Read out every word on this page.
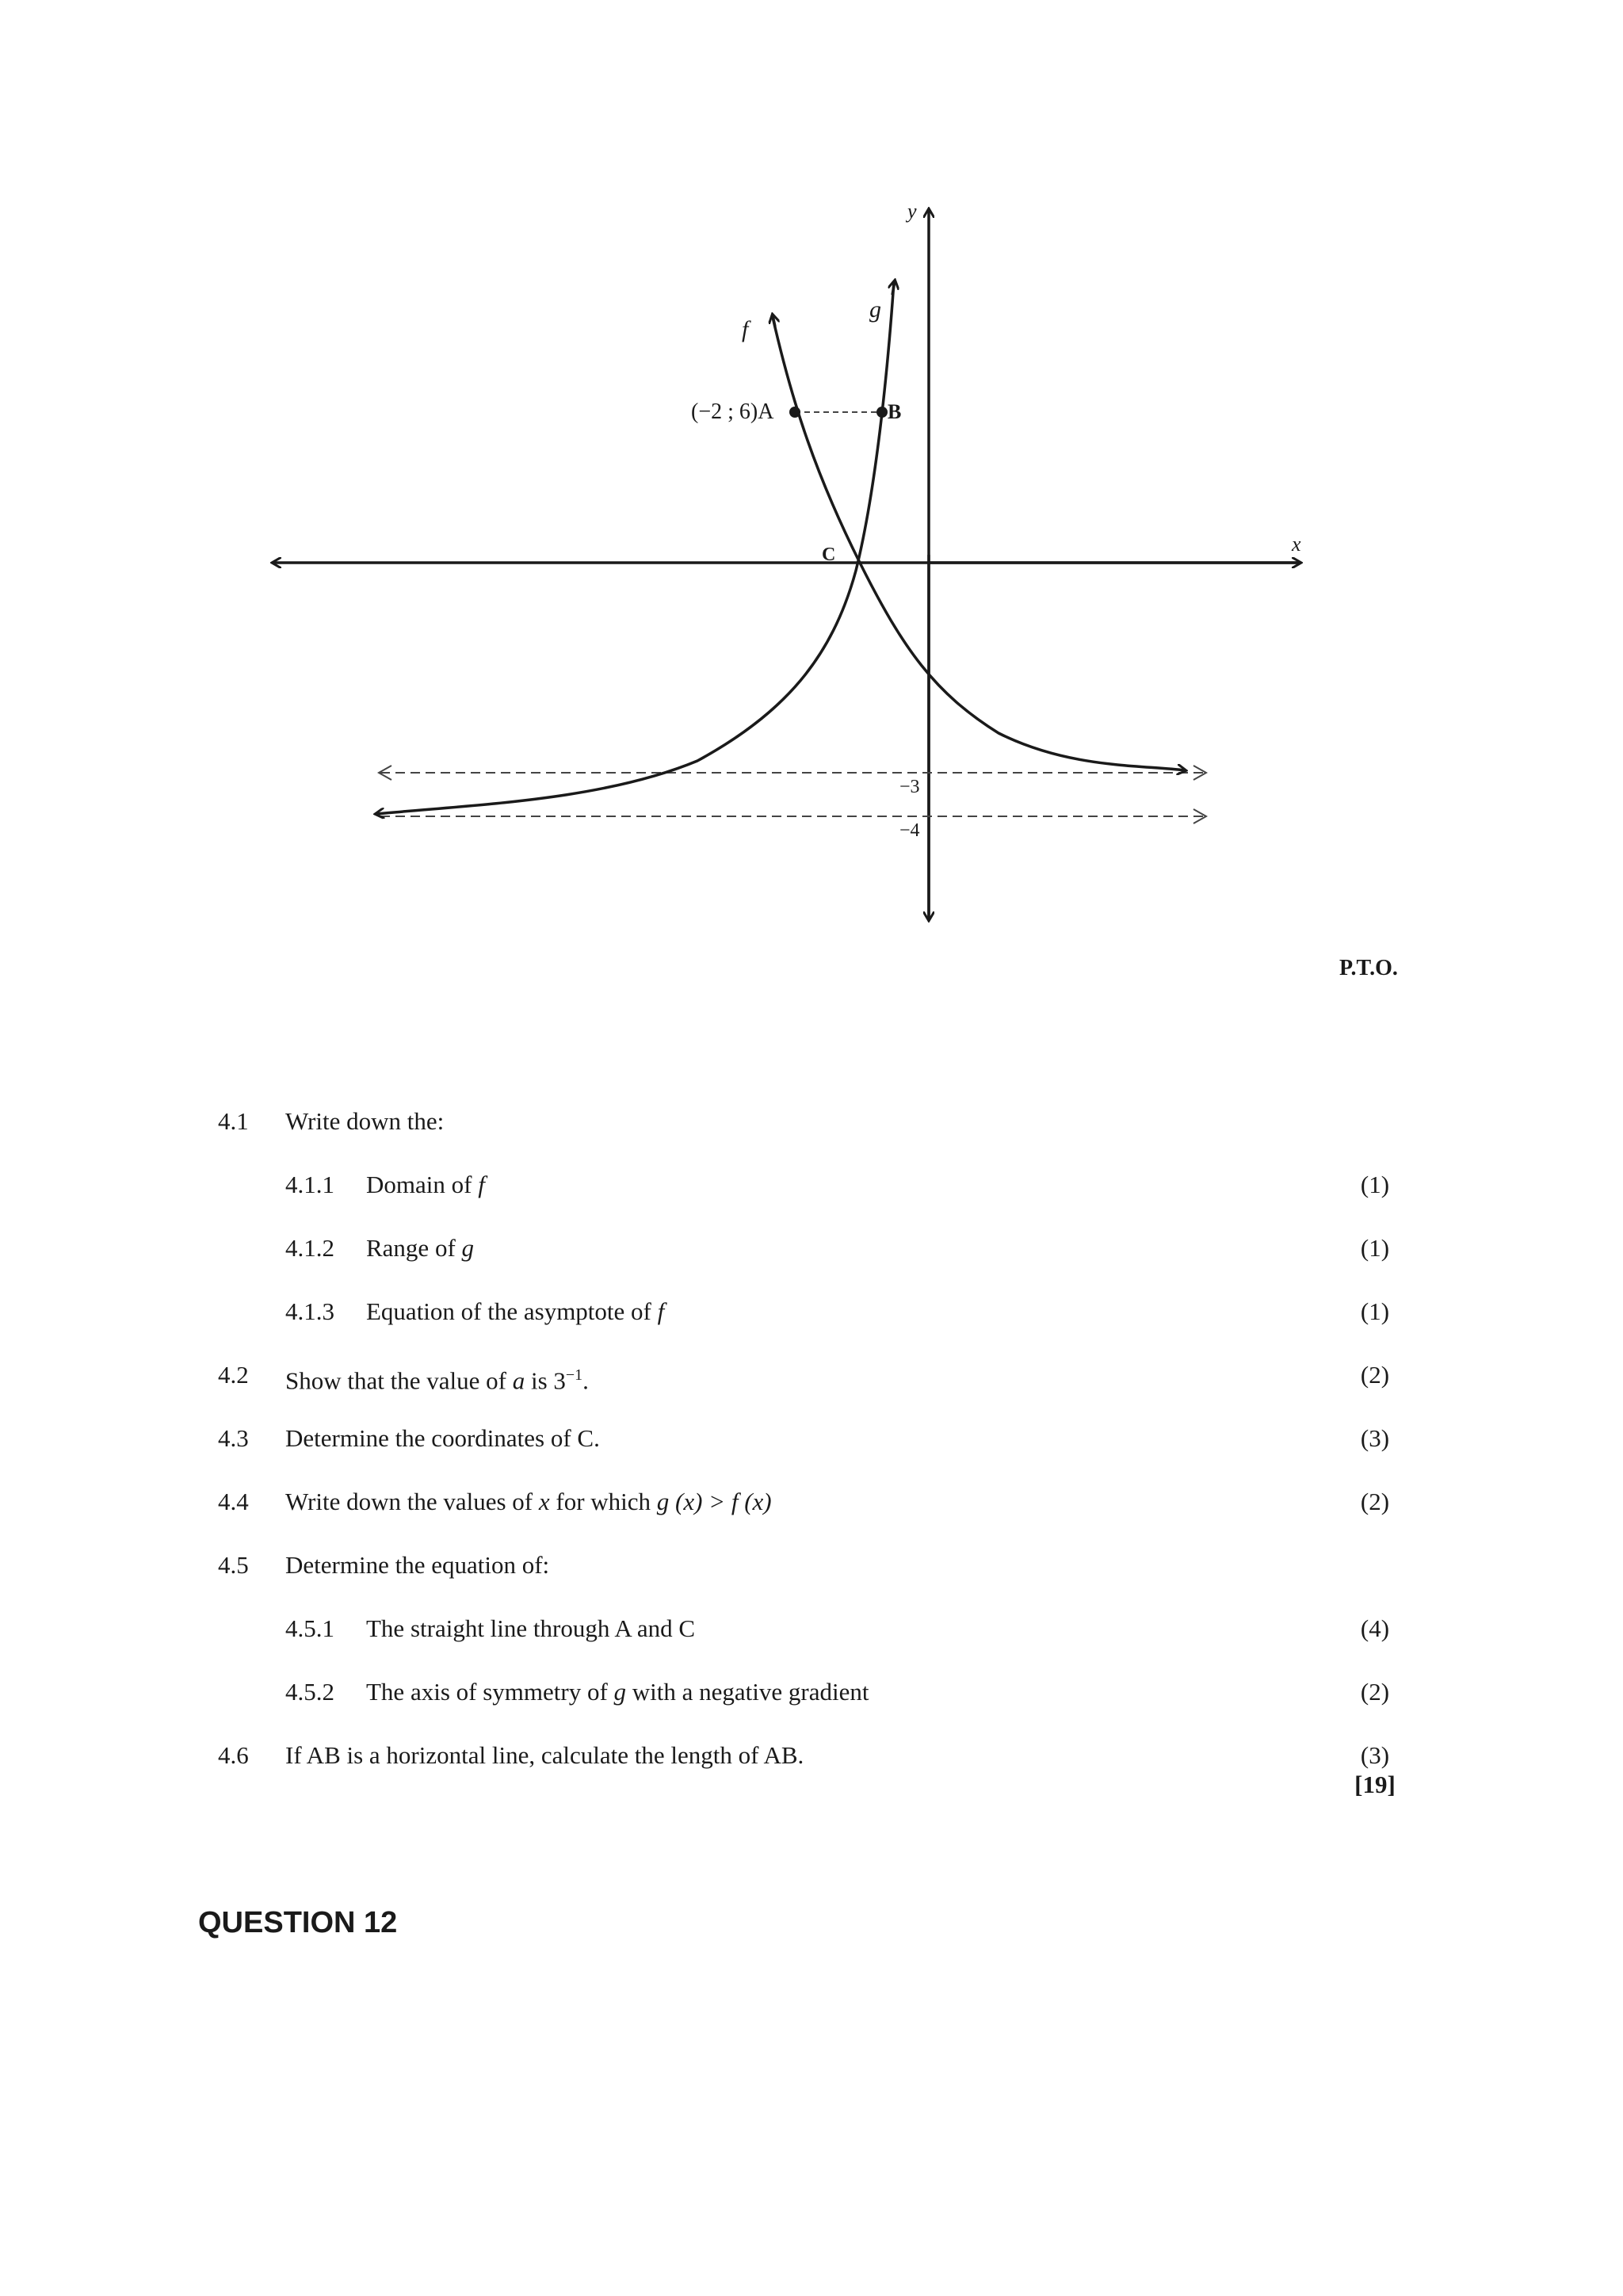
y
x
f
g
(−2 ; 6)A	B
C
−3
−4
P.T.O.
4.1 Write down the:
4.1.1 Domain of f	(1)
4.1.2 Range of g	(1)
4.1.3 Equation of the asymptote of f	(1)
4.2 Show that the value of a is $3^{-1}$.	(2)
4.3 Determine the coordinates of C.	(3)
4.4 Write down the values of x for which g (x) > f (x)	(2)
4.5 Determine the equation of:
4.5.1 The straight line through A and C	(4)
4.5.2 The axis of symmetry of g with a negative gradient	(2)
4.6 If AB is a horizontal line, calculate the length of AB.	(3)
[19]
QUESTION 12
